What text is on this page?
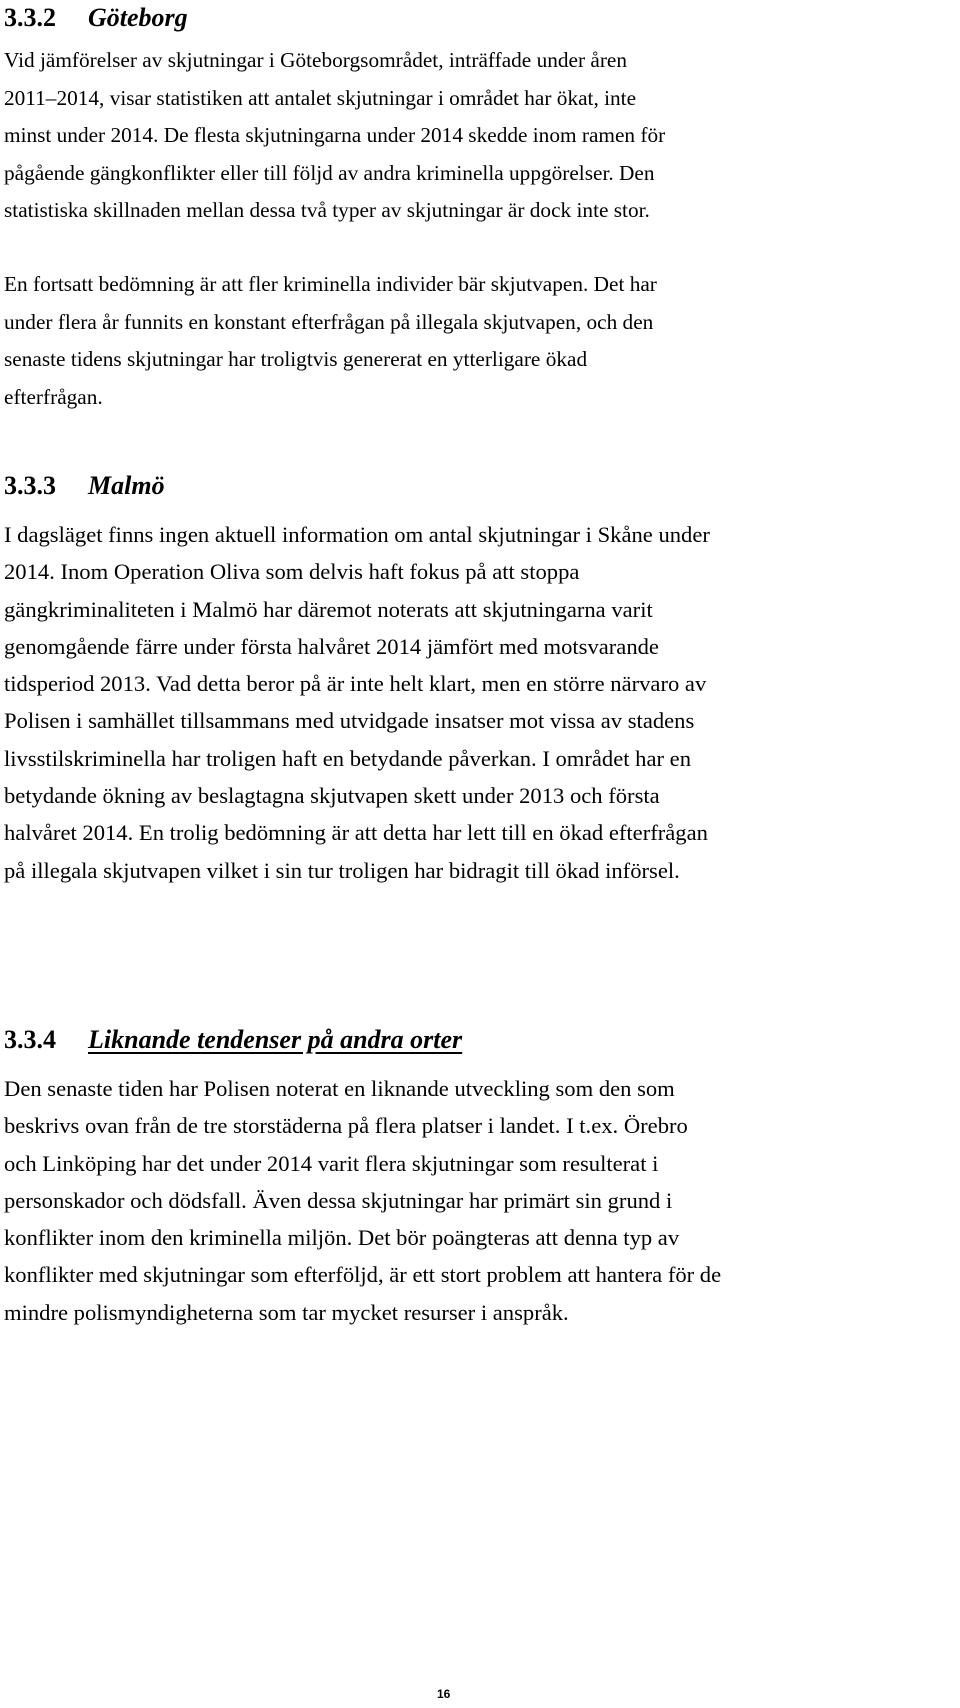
3.3.2 Göteborg
Vid jämförelser av skjutningar i Göteborgsområdet, inträffade under åren
2011–2014, visar statistiken att antalet skjutningar i området har ökat, inte
minst under 2014. De flesta skjutningarna under 2014 skedde inom ramen för
pågående gängkonflikter eller till följd av andra kriminella uppgörelser. Den
statistiska skillnaden mellan dessa två typer av skjutningar är dock inte stor.
En fortsatt bedömning är att fler kriminella individer bär skjutvapen. Det har
under flera år funnits en konstant efterfrågan på illegala skjutvapen, och den
senaste tidens skjutningar har troligtvis genererat en ytterligare ökad
efterfrågan.
3.3.3 Malmö
I dagsläget finns ingen aktuell information om antal skjutningar i Skåne under
2014. Inom Operation Oliva som delvis haft fokus på att stoppa
gängkriminaliteten i Malmö har däremot noterats att skjutningarna varit
genomgående färre under första halvåret 2014 jämfört med motsvarande
tidsperiod 2013. Vad detta beror på är inte helt klart, men en större närvaro av
Polisen i samhället tillsammans med utvidgade insatser mot vissa av stadens
livsstilskriminella har troligen haft en betydande påverkan. I området har en
betydande ökning av beslagtagna skjutvapen skett under 2013 och första
halvåret 2014. En trolig bedömning är att detta har lett till en ökad efterfrågan
på illegala skjutvapen vilket i sin tur troligen har bidragit till ökad införsel.
3.3.4 Liknande tendenser på andra orter
Den senaste tiden har Polisen noterat en liknande utveckling som den som
beskrivs ovan från de tre storstäderna på flera platser i landet. I t.ex. Örebro
och Linköping har det under 2014 varit flera skjutningar som resulterat i
personskador och dödsfall. Även dessa skjutningar har primärt sin grund i
konflikter inom den kriminella miljön. Det bör poängteras att denna typ av
konflikter med skjutningar som efterföljd, är ett stort problem att hantera för de
mindre polismyndigheterna som tar mycket resurser i anspråk.
16
